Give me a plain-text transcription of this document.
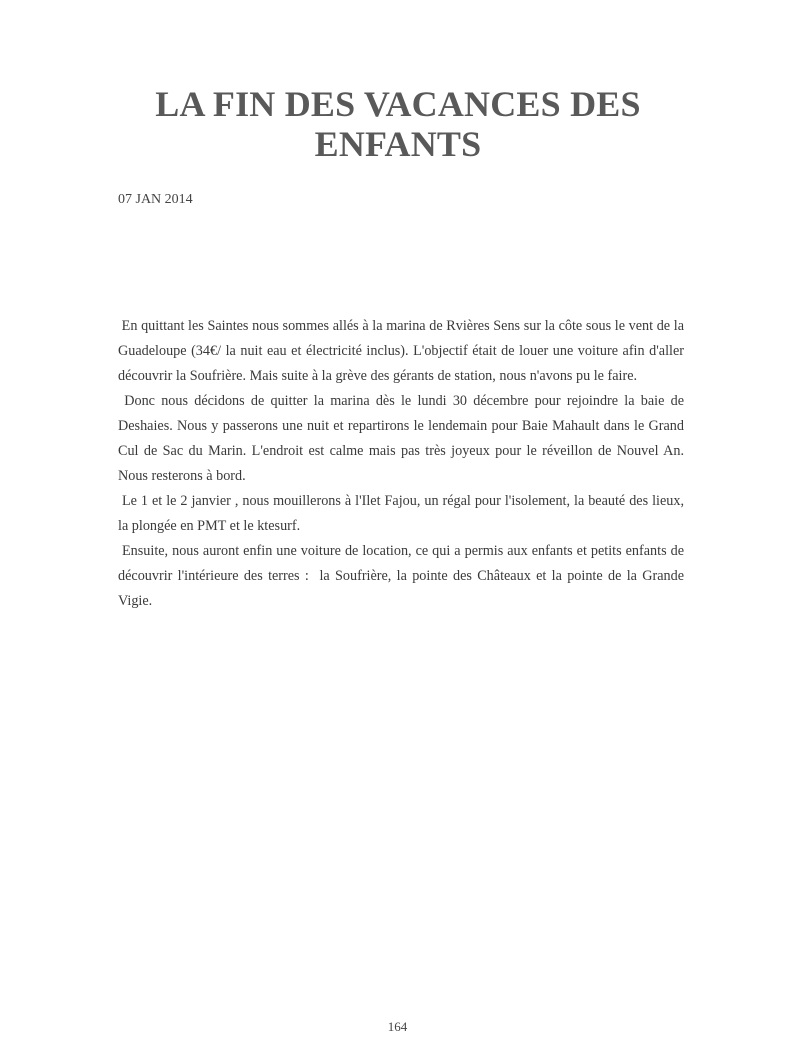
LA FIN DES VACANCES DES
ENFANTS
07 JAN 2014

En quittant les Saintes nous sommes allés à la marina de Rvières Sens sur la côte sous le vent de la  Guadeloupe (34€/ la nuit eau et électricité inclus). L'objectif était de louer une voiture afin d'aller découvrir la Soufrière. Mais suite à la grève des gérants de station, nous n'avons pu le faire.

Donc nous décidons de quitter la marina dès le lundi 30 décembre pour rejoindre la baie de Deshaies. Nous y passerons une nuit et repartirons le lendemain pour Baie Mahault dans le Grand Cul de Sac du Marin. L'endroit est calme mais pas très joyeux pour le réveillon de Nouvel An. Nous resterons à bord.

Le 1 et le 2 janvier , nous mouillerons à l'Ilet Fajou, un régal pour l'isolement, la beauté des lieux, la plongée en PMT et le ktesurf.

Ensuite, nous auront enfin une voiture de location, ce qui a permis aux enfants et petits enfants de découvrir l'intérieure des terres :  la Soufrière, la pointe des Châteaux et la pointe de la Grande Vigie.

164
